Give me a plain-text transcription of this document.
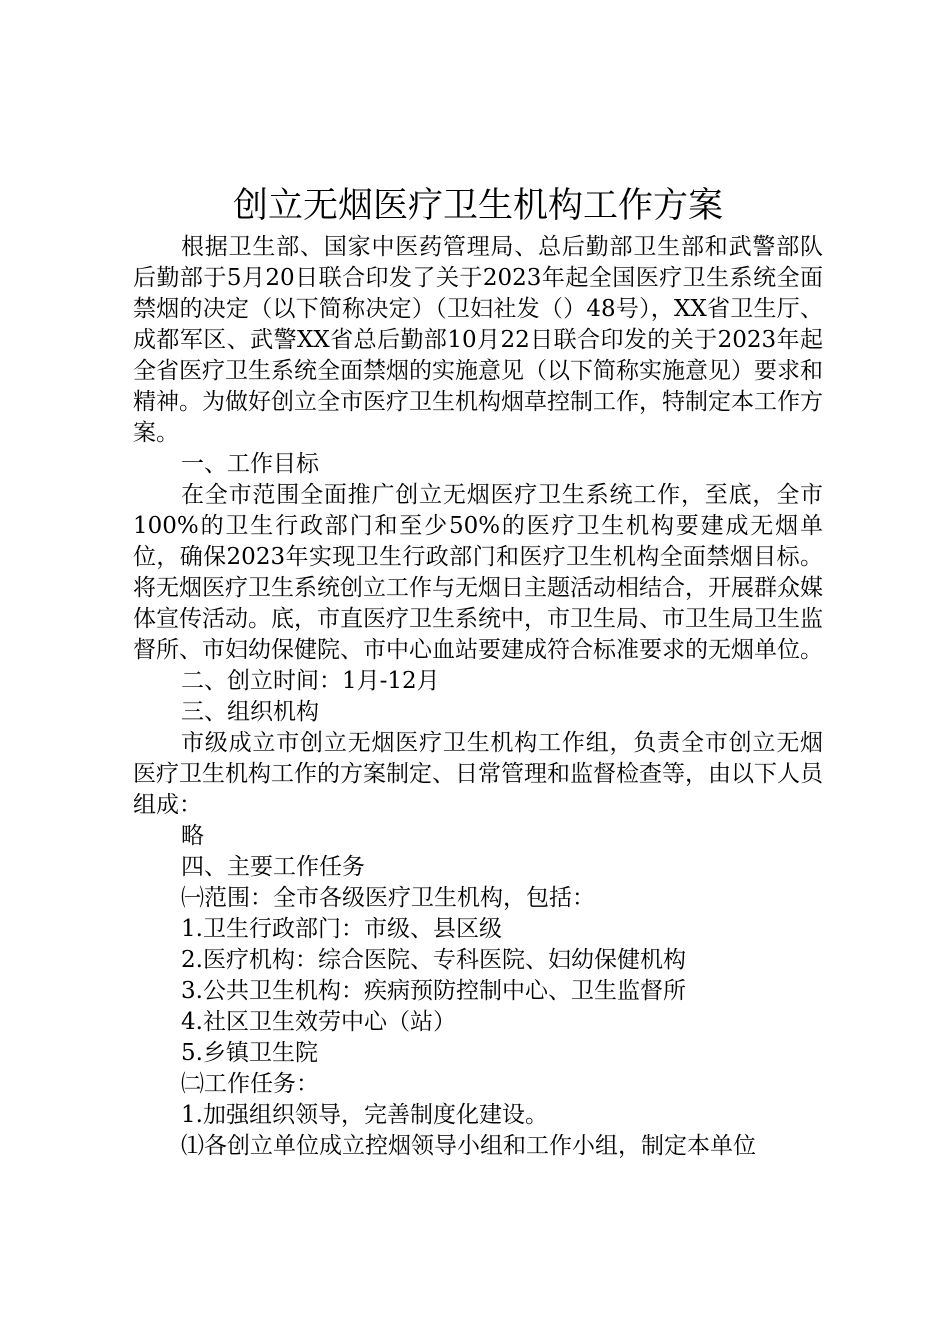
创立无烟医疗卫生机构工作方案

根据卫生部、国家中医药管理局、总后勤部卫生部和武警部队后勤部于5月20日联合印发了关于2023年起全国医疗卫生系统全面禁烟的决定（以下简称决定）（卫妇社发（）48号），XX省卫生厅、成都军区、武警XX省总后勤部10月22日联合印发的关于2023年起全省医疗卫生系统全面禁烟的实施意见（以下简称实施意见）要求和精神。为做好创立全市医疗卫生机构烟草控制工作，特制定本工作方案。

一、工作目标

在全市范围全面推广创立无烟医疗卫生系统工作，至底，全市100%的卫生行政部门和至少50%的医疗卫生机构要建成无烟单位，确保2023年实现卫生行政部门和医疗卫生机构全面禁烟目标。将无烟医疗卫生系统创立工作与无烟日主题活动相结合，开展群众媒体宣传活动。底，市直医疗卫生系统中，市卫生局、市卫生局卫生监督所、市妇幼保健院、市中心血站要建成符合标准要求的无烟单位。

二、创立时间：1月-12月

三、组织机构

市级成立市创立无烟医疗卫生机构工作组，负责全市创立无烟医疗卫生机构工作的方案制定、日常管理和监督检查等，由以下人员组成：

略

四、主要工作任务

㈠范围：全市各级医疗卫生机构，包括：

1.卫生行政部门：市级、县区级

2.医疗机构：综合医院、专科医院、妇幼保健机构

3.公共卫生机构：疾病预防控制中心、卫生监督所

4.社区卫生效劳中心（站）

5.乡镇卫生院

㈡工作任务：

1.加强组织领导，完善制度化建设。

⑴各创立单位成立控烟领导小组和工作小组，制定本单位
